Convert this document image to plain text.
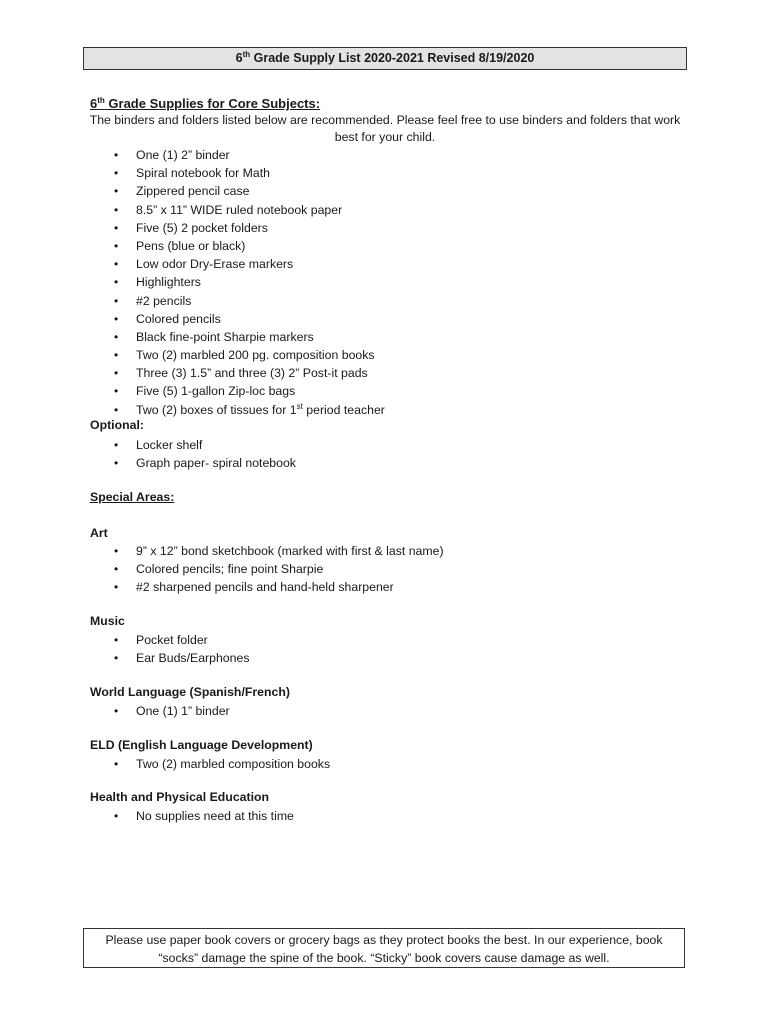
6th Grade Supply List 2020-2021 Revised 8/19/2020
6th Grade Supplies for Core Subjects:
The binders and folders listed below are recommended. Please feel free to use binders and folders that work best for your child.
• One (1) 2” binder
• Spiral notebook for Math
• Zippered pencil case
• 8.5” x 11” WIDE ruled notebook paper
• Five (5) 2 pocket folders
• Pens (blue or black)
• Low odor Dry-Erase markers
• Highlighters
• #2 pencils
• Colored pencils
• Black fine-point Sharpie markers
• Two (2) marbled 200 pg. composition books
• Three (3) 1.5” and three (3) 2” Post-it pads
• Five (5) 1-gallon Zip-loc bags
• Two (2) boxes of tissues for 1st period teacher
Optional:
• Locker shelf
• Graph paper- spiral notebook
Special Areas:
Art
• 9” x 12” bond sketchbook (marked with first & last name)
• Colored pencils; fine point Sharpie
• #2 sharpened pencils and hand-held sharpener
Music
• Pocket folder
• Ear Buds/Earphones
World Language (Spanish/French)
• One (1) 1” binder
ELD (English Language Development)
• Two (2) marbled composition books
Health and Physical Education
• No supplies need at this time
Please use paper book covers or grocery bags as they protect books the best. In our experience, book “socks” damage the spine of the book. “Sticky” book covers cause damage as well.
